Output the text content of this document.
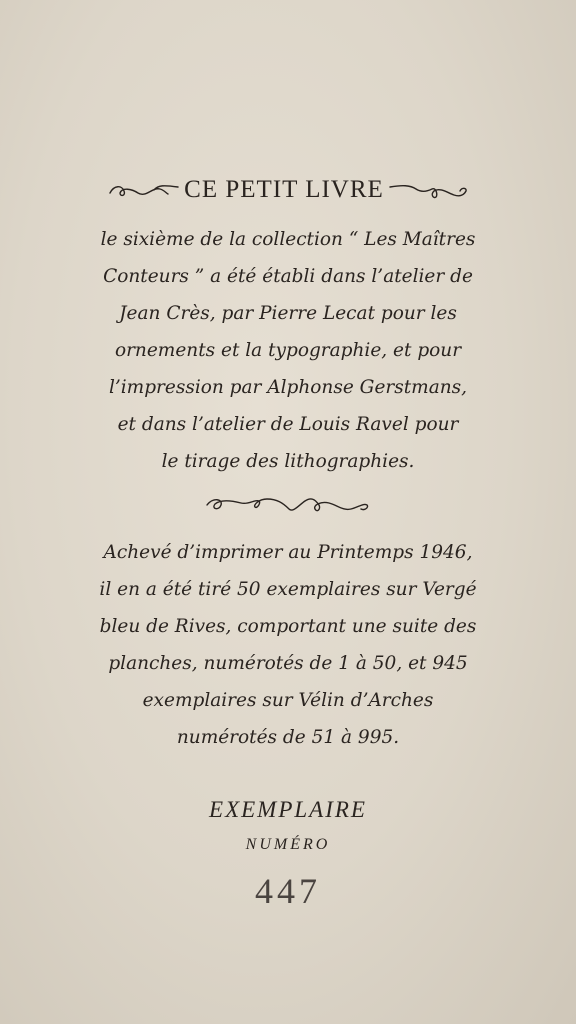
CE PETIT LIVRE

le sixième de la collection “ Les Maîtres
Conteurs ” a été établi dans l’atelier de
Jean Crès, par Pierre Lecat pour les
ornements et la typographie, et pour
l’impression par Alphonse Gerstmans,
et dans l’atelier de Louis Ravel pour
le tirage des lithographies.

Achevé d’imprimer au Printemps 1946,
il en a été tiré 50 exemplaires sur Vergé
bleu de Rives, comportant une suite des
planches, numérotés de 1 à 50, et 945
exemplaires sur Vélin d’Arches
numérotés de 51 à 995.

EXEMPLAIRE
NUMÉRO
447
